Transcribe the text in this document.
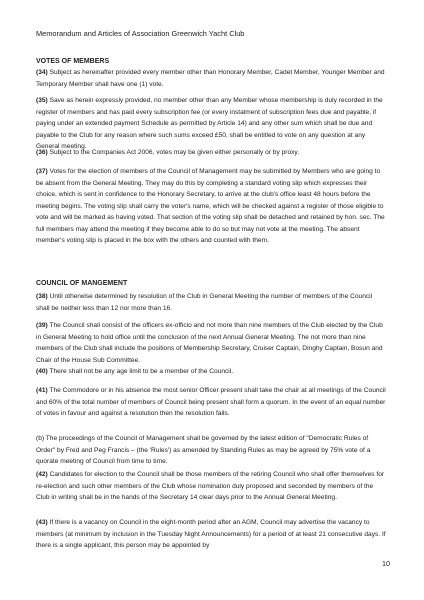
Memorandum and Articles of Association Greenwich Yacht Club
VOTES OF MEMBERS
(34) Subject as hereinafter provided every member other than Honorary Member, Cadet Member, Younger Member and Temporary Member shall have one (1) vote.
(35) Save as herein expressly provided, no member other than any Member whose membership is duly recorded in the register of members and has paid every subscription fee (or every instalment of subscription fees due and payable, if paying under an extended payment Schedule as permitted by Article 14) and any other sum which shall be due and payable to the Club for any reason where such sums exceed £50, shall be entitled to vote on any question at any General meeting.
(36) Subject to the Companies Act 2006, votes may be given either personally or by proxy.
(37) Votes for the election of members of the Council of Management may be submitted by Members who are going to be absent from the General Meeting. They may do this by completing a standard voting slip which expresses their choice, which is sent in confidence to the Honorary Secretary, to arrive at the club's office least 48 hours before the meeting begins. The voting slip shall carry the voter's name, which will be checked against a register of those eligible to vote and will be marked as having voted. That section of the voting slip shall be detached and retained by hon. sec. The full members may attend the meeting if they become able to do so but may not vote at the meeting. The absent member's voting slip is placed in the box with the others and counted with them.
COUNCIL OF MANGEMENT
(38) Until otherwise determined by resolution of the Club in General Meeting the number of members of the Council shall be neither less than 12 nor more than 16.
(39) The Council shall consist of the officers ex-officio and not more than nine members of the Club elected by the Club in General Meeting to hold office until the conclusion of the next Annual General Meeting. The not more than nine members of the Club shall include the positions of Membership Secretary, Cruiser Captain, Dinghy Captain, Bosun and Chair of the House Sub Committee.
(40) There shall not be any age limit to be a member of the Council.
(41) The Commodore or in his absence the most senior Officer present shall take the chair at all meetings of the Council and 60% of the total number of members of Council being present shall form a quorum. In the event of an equal number of votes in favour and against a resolution then the resolution fails.
(b) The proceedings of the Council of Management shall be governed by the latest edition of "Democratic Rules of Order" by Fred and Peg Francis – (the 'Rules') as amended by Standing Rules as may be agreed by 75% vote of a quorate meeting of Council from time to time.
(42) Candidates for election to the Council shall be those members of the retiring Council who shall offer themselves for re-election and such other members of the Club whose nomination duly proposed and seconded by members of the Club in writing shall be in the hands of the Secretary 14 clear days prior to the Annual General Meeting.
(43) If there is a vacancy on Council in the eight-month period after an AGM, Council may advertise the vacancy to members (at minimum by inclusion in the Tuesday Night Announcements) for a period of at least 21 consecutive days. If there is a single applicant, this person may be appointed by
10
